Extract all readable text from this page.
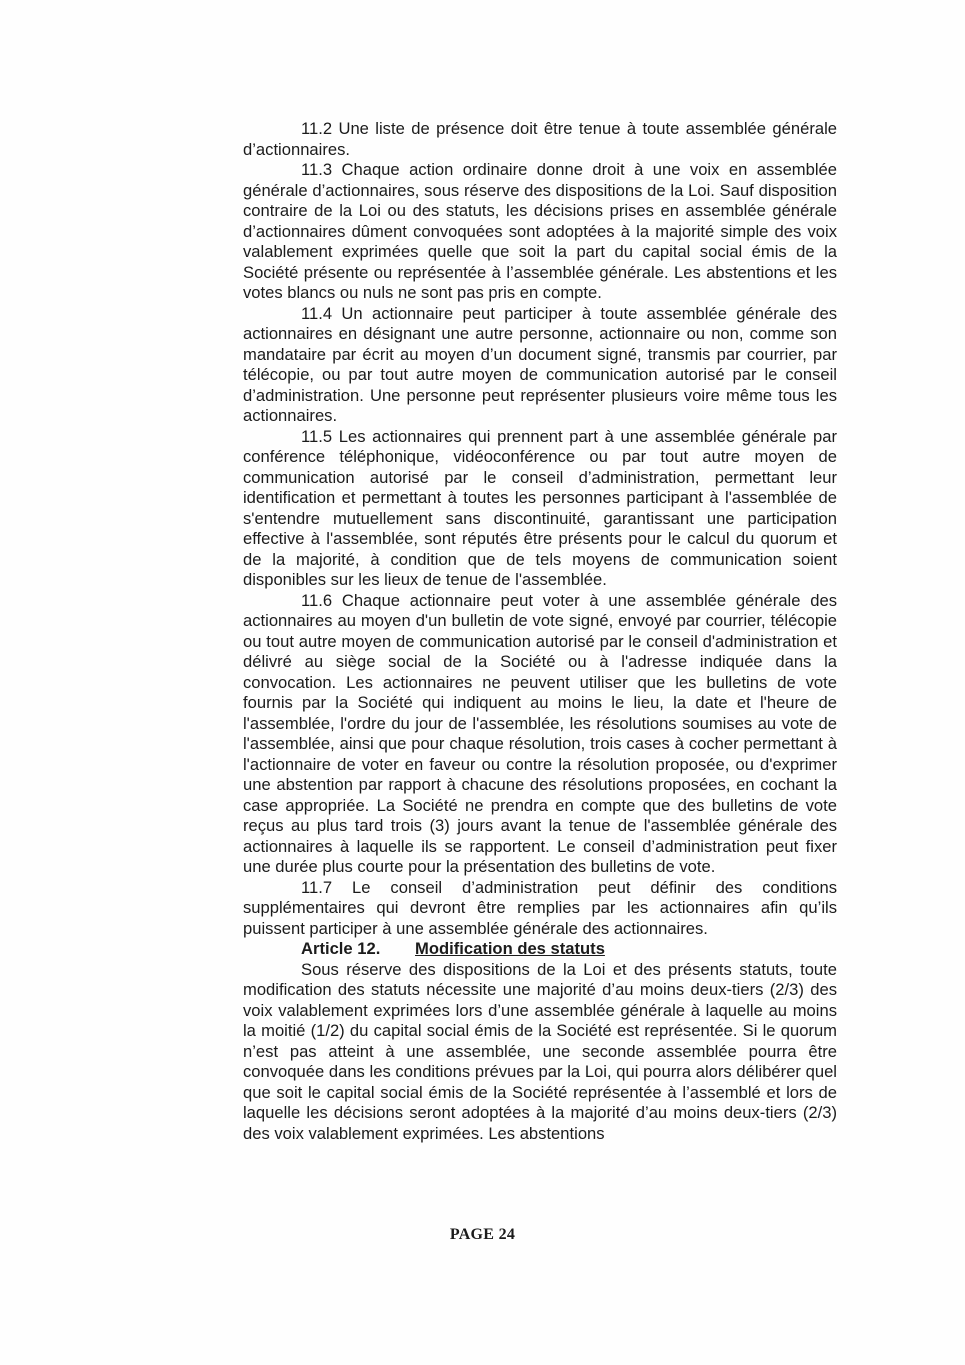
11.2 Une liste de présence doit être tenue à toute assemblée générale d’actionnaires.

11.3 Chaque action ordinaire donne droit à une voix en assemblée générale d’actionnaires, sous réserve des dispositions de la Loi. Sauf disposition contraire de la Loi ou des statuts, les décisions prises en assemblée générale d’actionnaires dûment convoquées sont adoptées à la majorité simple des voix valablement exprimées quelle que soit la part du capital social émis de la Société présente ou représentée à l’assemblée générale. Les abstentions et les votes blancs ou nuls ne sont pas pris en compte.

11.4 Un actionnaire peut participer à toute assemblée générale des actionnaires en désignant une autre personne, actionnaire ou non, comme son mandataire par écrit au moyen d’un document signé, transmis par courrier, par télécopie, ou par tout autre moyen de communication autorisé par le conseil d’administration. Une personne peut représenter plusieurs voire même tous les actionnaires.

11.5 Les actionnaires qui prennent part à une assemblée générale par conférence téléphonique, vidéoconférence ou par tout autre moyen de communication autorisé par le conseil d’administration, permettant leur identification et permettant à toutes les personnes participant à l'assemblée de s'entendre mutuellement sans discontinuité, garantissant une participation effective à l'assemblée, sont réputés être présents pour le calcul du quorum et de la majorité, à condition que de tels moyens de communication soient disponibles sur les lieux de tenue de l'assemblée.

11.6 Chaque actionnaire peut voter à une assemblée générale des actionnaires au moyen d'un bulletin de vote signé, envoyé par courrier, télécopie ou tout autre moyen de communication autorisé par le conseil d'administration et délivré au siège social de la Société ou à l'adresse indiquée dans la convocation. Les actionnaires ne peuvent utiliser que les bulletins de vote fournis par la Société qui indiquent au moins le lieu, la date et l'heure de l'assemblée, l'ordre du jour de l'assemblée, les résolutions soumises au vote de l'assemblée, ainsi que pour chaque résolution, trois cases à cocher permettant à l'actionnaire de voter en faveur ou contre la résolution proposée, ou d'exprimer une abstention par rapport à chacune des résolutions proposées, en cochant la case appropriée. La Société ne prendra en compte que des bulletins de vote reçus au plus tard trois (3) jours avant la tenue de l'assemblée générale des actionnaires à laquelle ils se rapportent. Le conseil d’administration peut fixer une durée plus courte pour la présentation des bulletins de vote.

11.7 Le conseil d’administration peut définir des conditions supplémentaires qui devront être remplies par les actionnaires afin qu’ils puissent participer à une assemblée générale des actionnaires.

Article 12. Modification des statuts

Sous réserve des dispositions de la Loi et des présents statuts, toute modification des statuts nécessite une majorité d’au moins deux-tiers (2/3) des voix valablement exprimées lors d’une assemblée générale à laquelle au moins la moitié (1/2) du capital social émis de la Société est représentée. Si le quorum n’est pas atteint à une assemblée, une seconde assemblée pourra être convoquée dans les conditions prévues par la Loi, qui pourra alors délibérer quel que soit le capital social émis de la Société représentée à l’assemblé et lors de laquelle les décisions seront adoptées à la majorité d’au moins deux-tiers (2/3) des voix valablement exprimées. Les abstentions

PAGE 24
